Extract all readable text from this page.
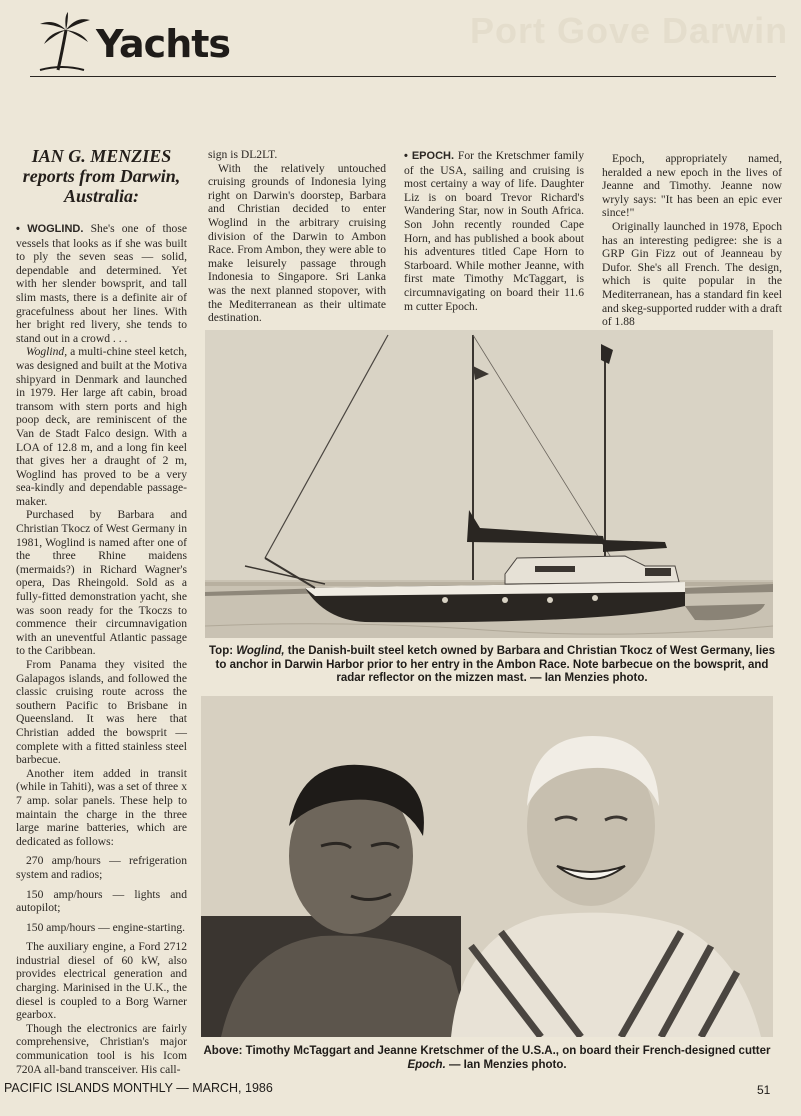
Yachts	Port Gove Darwin
IAN G. MENZIES reports from Darwin, Australia:

• WOGLIND. She's one of those vessels that looks as if she was built to ply the seven seas — solid, dependable and determined. Yet with her slender bowsprit, and tall slim masts, there is a definite air of gracefulness about her lines. With her bright red livery, she tends to stand out in a crowd . . .

Woglind, a multi-chine steel ketch, was designed and built at the Motiva shipyard in Denmark and launched in 1979. Her large aft cabin, broad transom with stern ports and high poop deck, are reminiscent of the Van de Stadt Falco design. With a LOA of 12.8 m, and a long fin keel that gives her a draught of 2 m, Woglind has proved to be a very sea-kindly and dependable passage-maker.

Purchased by Barbara and Christian Tkocz of West Germany in 1981, Woglind is named after one of the three Rhine maidens (mermaids?) in Richard Wagner's opera, Das Rheingold. Sold as a fully-fitted demonstration yacht, she was soon ready for the Tkoczs to commence their circumnavigation with an uneventful Atlantic passage to the Caribbean.

From Panama they visited the Galapagos islands, and followed the classic cruising route across the southern Pacific to Brisbane in Queensland. It was here that Christian added the bowsprit — complete with a fitted stainless steel barbecue.

Another item added in transit (while in Tahiti), was a set of three x 7 amp. solar panels. These help to maintain the charge in the three large marine batteries, which are dedicated as follows:

270 amp/hours — refrigeration system and radios;

150 amp/hours — lights and autopilot;

150 amp/hours — engine-starting.

The auxiliary engine, a Ford 2712 industrial diesel of 60 kW, also provides electrical generation and charging. Marinised in the U.K., the diesel is coupled to a Borg Warner gearbox.

Though the electronics are fairly comprehensive, Christian's major communication tool is his Icom 720A all-band transceiver. His call-

sign is DL2LT.

With the relatively untouched cruising grounds of Indonesia lying right on Darwin's doorstep, Barbara and Christian decided to enter Woglind in the arbitrary cruising division of the Darwin to Ambon Race. From Ambon, they were able to make leisurely passage through Indonesia to Singapore. Sri Lanka was the next planned stopover, with the Mediterranean as their ultimate destination.

• EPOCH. For the Kretschmer family of the USA, sailing and cruising is most certainy a way of life. Daughter Liz is on board Trevor Richard's Wandering Star, now in South Africa. Son John recently rounded Cape Horn, and has published a book about his adventures titled Cape Horn to Starboard. While mother Jeanne, with first mate Timothy McTaggart, is circumnavigating on board their 11.6 m cutter Epoch.

Epoch, appropriately named, heralded a new epoch in the lives of Jeanne and Timothy. Jeanne now wryly says: "It has been an epic ever since!"

Originally launched in 1978, Epoch has an interesting pedigree: she is a GRP Gin Fizz out of Jeanneau by Dufor. She's all French. The design, which is quite popular in the Mediterranean, has a standard fin keel and skeg-supported rudder with a draft of 1.88

Top: Woglind, the Danish-built steel ketch owned by Barbara and Christian Tkocz of West Germany, lies to anchor in Darwin Harbor prior to her entry in the Ambon Race. Note barbecue on the bowsprit, and radar reflector on the mizzen mast. — Ian Menzies photo.
Above: Timothy McTaggart and Jeanne Kretschmer of the U.S.A., on board their French-designed cutter Epoch. — Ian Menzies photo.
PACIFIC ISLANDS MONTHLY — MARCH, 1986	51
